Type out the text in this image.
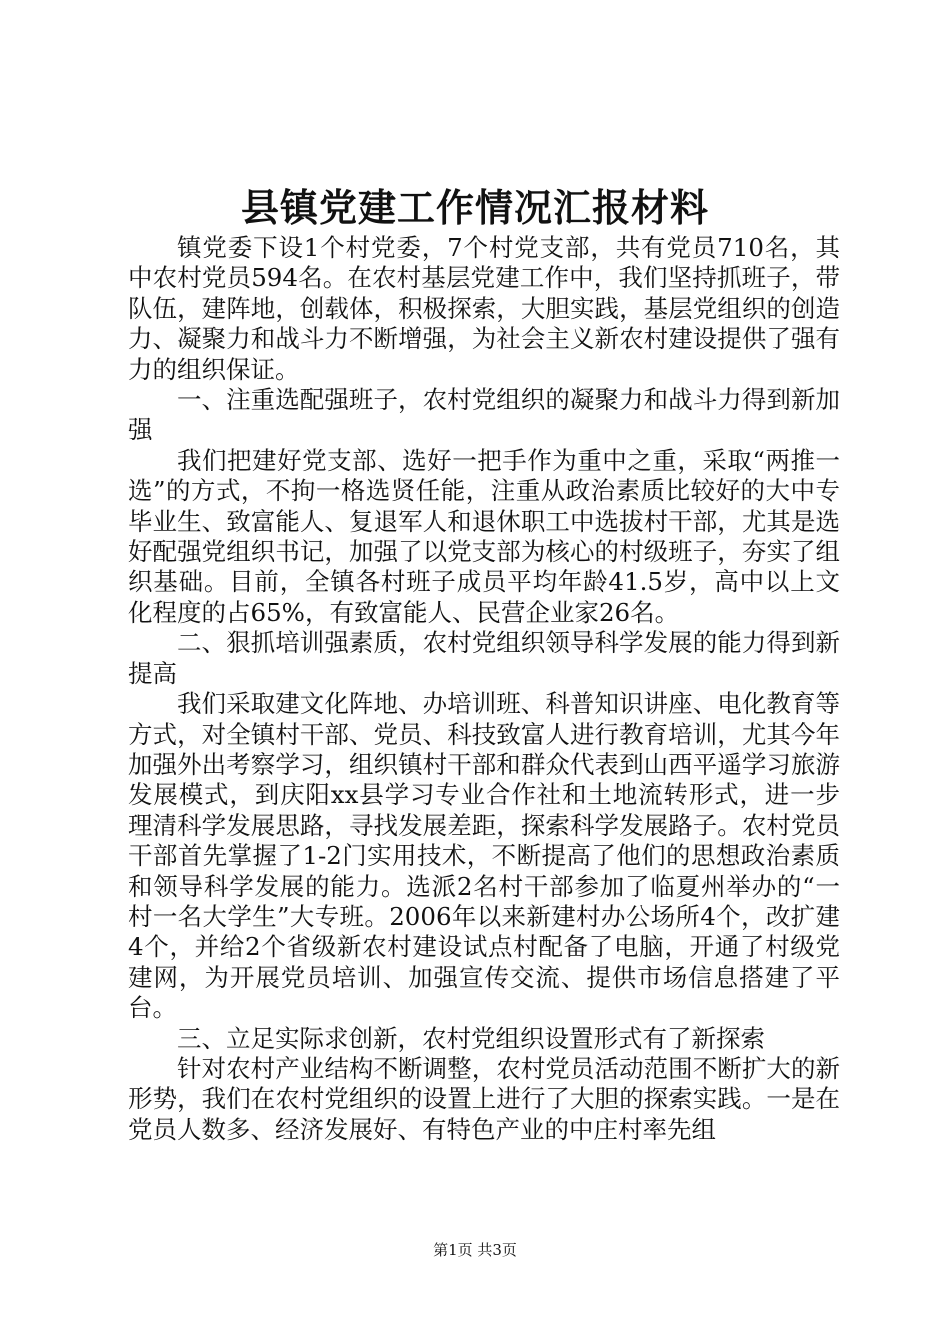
县镇党建工作情况汇报材料

镇党委下设1个村党委，7个村党支部，共有党员710名，其中农村党员594名。在农村基层党建工作中，我们坚持抓班子，带队伍，建阵地，创载体，积极探索，大胆实践，基层党组织的创造力、凝聚力和战斗力不断增强，为社会主义新农村建设提供了强有力的组织保证。

一、注重选配强班子，农村党组织的凝聚力和战斗力得到新加强

我们把建好党支部、选好一把手作为重中之重，采取“两推一选”的方式，不拘一格选贤任能，注重从政治素质比较好的大中专毕业生、致富能人、复退军人和退休职工中选拔村干部，尤其是选好配强党组织书记，加强了以党支部为核心的村级班子，夯实了组织基础。目前，全镇各村班子成员平均年龄41.5岁，高中以上文化程度的占65%，有致富能人、民营企业家26名。

二、狠抓培训强素质，农村党组织领导科学发展的能力得到新提高

我们采取建文化阵地、办培训班、科普知识讲座、电化教育等方式，对全镇村干部、党员、科技致富人进行教育培训，尤其今年加强外出考察学习，组织镇村干部和群众代表到山西平遥学习旅游发展模式，到庆阳xx县学习专业合作社和土地流转形式，进一步理清科学发展思路，寻找发展差距，探索科学发展路子。农村党员干部首先掌握了1-2门实用技术，不断提高了他们的思想政治素质和领导科学发展的能力。选派2名村干部参加了临夏州举办的“一村一名大学生”大专班。2006年以来新建村办公场所4个，改扩建4个，并给2个省级新农村建设试点村配备了电脑，开通了村级党建网，为开展党员培训、加强宣传交流、提供市场信息搭建了平台。

三、立足实际求创新，农村党组织设置形式有了新探索

针对农村产业结构不断调整，农村党员活动范围不断扩大的新形势，我们在农村党组织的设置上进行了大胆的探索实践。一是在党员人数多、经济发展好、有特色产业的中庄村率先组

第1页 共3页
